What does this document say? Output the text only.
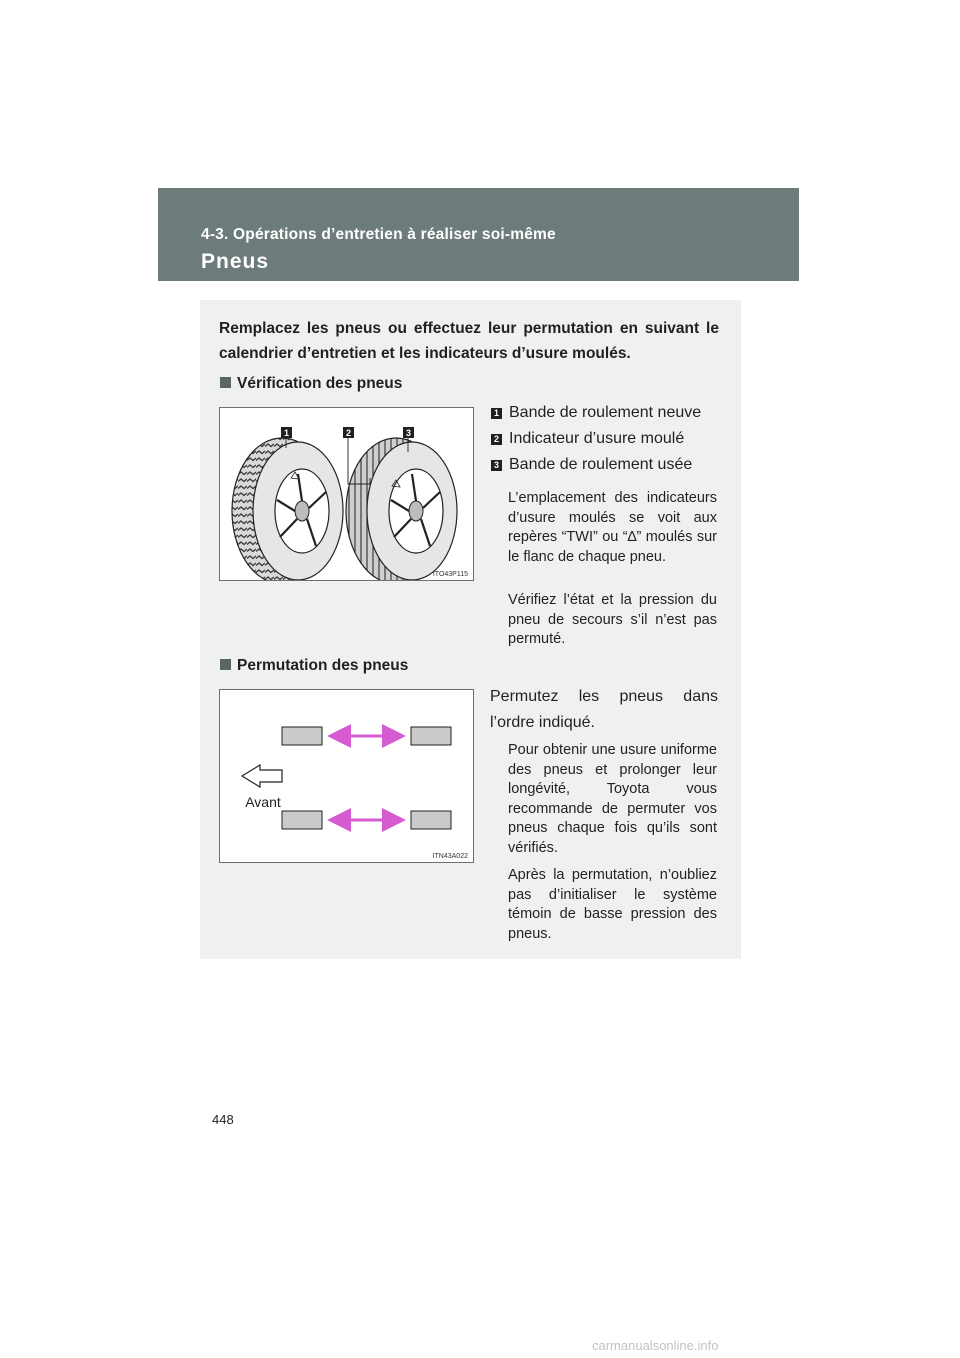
4-3. Opérations d’entretien à réaliser soi-même
Pneus
Remplacez les pneus ou effectuez leur permutation en suivant le calendrier d’entretien et les indicateurs d’usure moulés.
Vérification des pneus
1	2	3
ITO43P115
1 Bande de roulement neuve
2 Indicateur d’usure moulé
3 Bande de roulement usée
L’emplacement des indicateurs d’usure moulés se voit aux repères “TWI” ou “∆” moulés sur le flanc de chaque pneu.
Vérifiez l’état et la pression du pneu de secours s’il n’est pas permuté.
Permutation des pneus
Avant
ITN43A022
Permutez les pneus dans l’ordre indiqué.
Pour obtenir une usure uniforme des pneus et prolonger leur longévité, Toyota vous recommande de permuter vos pneus chaque fois qu’ils sont vérifiés.
Après la permutation, n’oubliez pas d’initialiser le système témoin de basse pression des pneus.
448
carmanualsonline.info
